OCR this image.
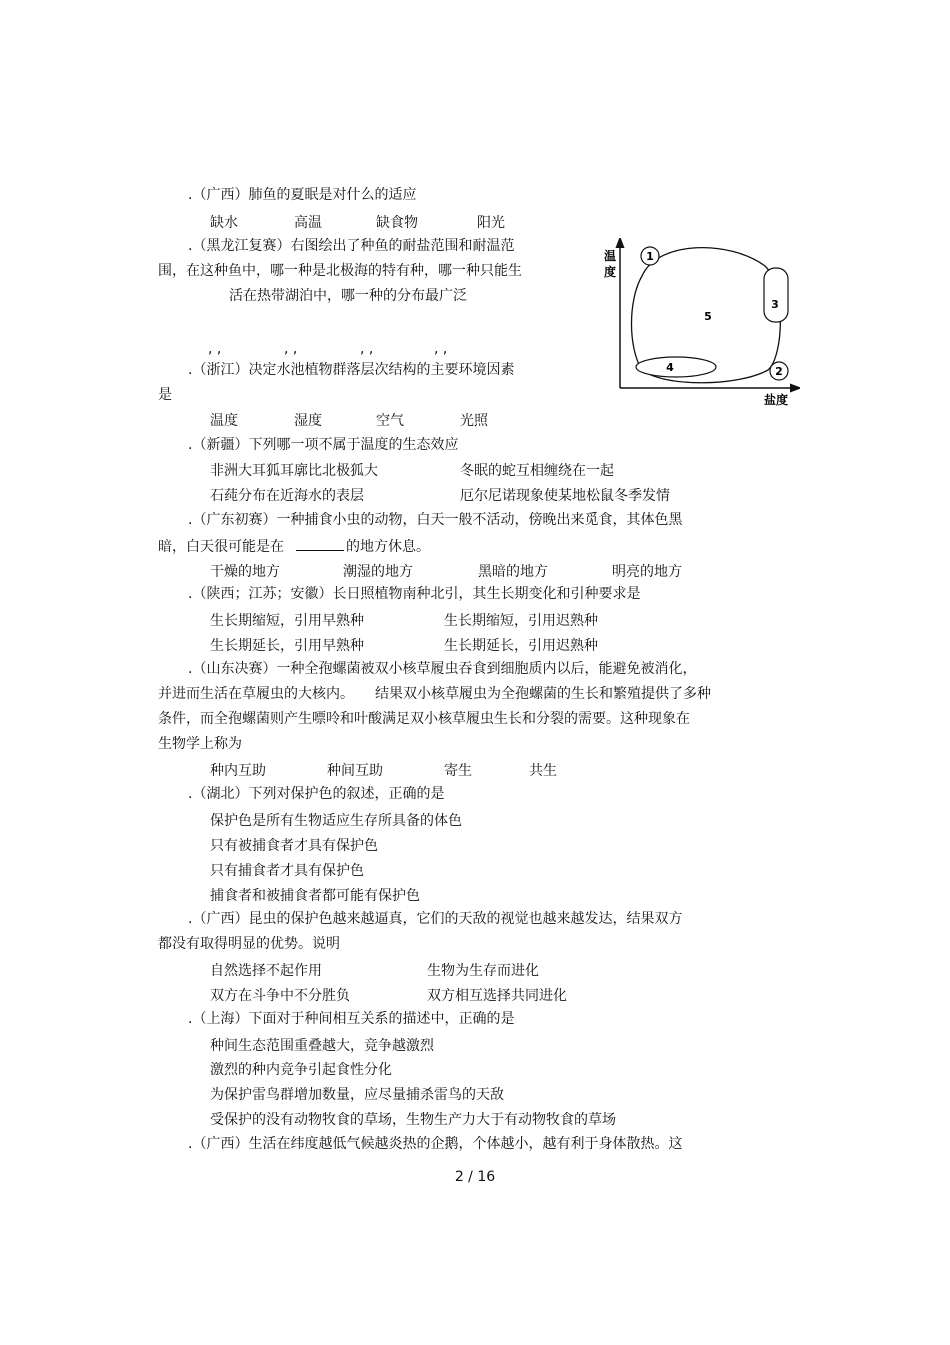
.（广西）肺鱼的夏眠是对什么的适应
缺水	高温	缺食物	阳光
.（黑龙江复赛）右图绘出了种鱼的耐盐范围和耐温范
围，在这种鱼中，哪一种是北极海的特有种，哪一种只能生
活在热带湖泊中，哪一种的分布最广泛
, ,	, ,	, ,	, ,
.（浙江）决定水池植物群落层次结构的主要环境因素
是
温度	湿度	空气	光照
温
度
盐度
1
2
3
4
5
.（新疆）下列哪一项不属于温度的生态效应
非洲大耳狐耳廓比北极狐大	冬眠的蛇互相缠绕在一起
石莼分布在近海水的表层	厄尔尼诺现象使某地松鼠冬季发情
.（广东初赛）一种捕食小虫的动物，白天一般不活动，傍晚出来觅食，其体色黑
暗，白天很可能是在	的地方休息。
干燥的地方	潮湿的地方	黑暗的地方	明亮的地方
.（陕西；江苏；安徽）长日照植物南种北引，其生长期变化和引种要求是
生长期缩短，引用早熟种	生长期缩短，引用迟熟种
生长期延长，引用早熟种	生长期延长，引用迟熟种
.（山东决赛）一种全孢螺菌被双小核草履虫吞食到细胞质内以后，能避免被消化，
并进而生活在草履虫的大核内。　　结果双小核草履虫为全孢螺菌的生长和繁殖提供了多种
条件，而全孢螺菌则产生嘌呤和叶酸满足双小核草履虫生长和分裂的需要。这种现象在
生物学上称为
种内互助	种间互助	寄生	共生
.（湖北）下列对保护色的叙述，正确的是
保护色是所有生物适应生存所具备的体色
只有被捕食者才具有保护色
只有捕食者才具有保护色
捕食者和被捕食者都可能有保护色
.（广西）昆虫的保护色越来越逼真，它们的天敌的视觉也越来越发达，结果双方
都没有取得明显的优势。说明
自然选择不起作用	生物为生存而进化
双方在斗争中不分胜负	双方相互选择共同进化
.（上海）下面对于种间相互关系的描述中，正确的是
种间生态范围重叠越大，竞争越激烈
激烈的种内竞争引起食性分化
为保护雷鸟群增加数量，应尽量捕杀雷鸟的天敌
受保护的没有动物牧食的草场，生物生产力大于有动物牧食的草场
.（广西）生活在纬度越低气候越炎热的企鹅，个体越小，越有利于身体散热。这
2 / 16
